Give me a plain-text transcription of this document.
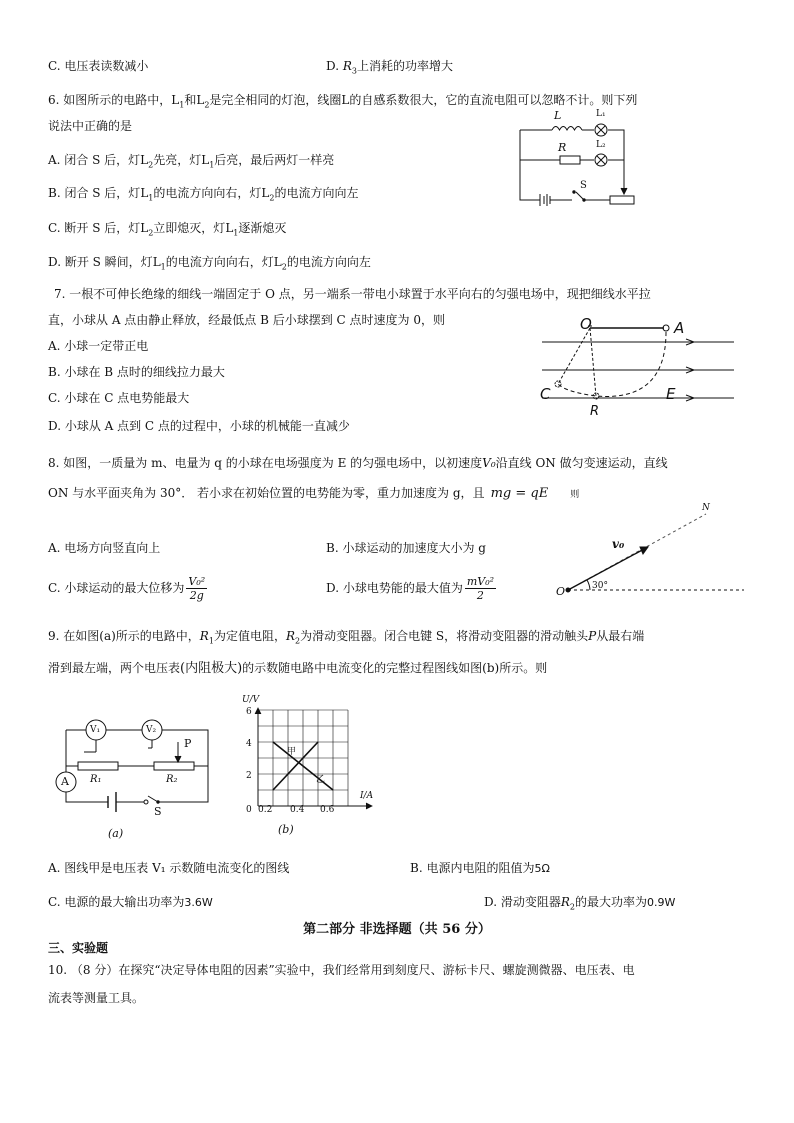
C. 电压表读数减小	D. $R_3$上消耗的功率增大
6. 如图所示的电路中，$L_1$和$L_2$是完全相同的灯泡，线圈L的自感系数很大，它的直流电阻可以忽略不计。则下列
说法中正确的是
A. 闭合 S 后，灯$L_2$先亮，灯$L_1$后亮，最后两灯一样亮
B. 闭合 S 后，灯$L_1$的电流方向向右，灯$L_2$的电流方向向左
C. 断开 S 后，灯$L_2$立即熄灭，灯$L_1$逐渐熄灭
D. 断开 S 瞬间，灯$L_1$的电流方向向右，灯$L_2$的电流方向向左
L	L₁
R	L₂
S
7. 一根不可伸长绝缘的细线一端固定于 O 点，另一端系一带电小球置于水平向右的匀强电场中，现把细线水平拉
直，小球从 A 点由静止释放，经最低点 B 后小球摆到 C 点时速度为 0，则
A. 小球一定带正电
B. 小球在 B 点时的细线拉力最大
C. 小球在 C 点电势能最大
D. 小球从 A 点到 C 点的过程中，小球的机械能一直减少
O	A
C	E
R
8. 如图，一质量为 m、电量为 q 的小球在电场强度为 E 的匀强电场中，以初速度V₀沿直线 ON 做匀变速运动，直线
ON 与水平面夹角为 30°． 若小求在初始位置的电势能为零，重力加速度为 g，且 mg = qE 则
A. 电场方向竖直向上	B. 小球运动的加速度大小为 g
C. 小球运动的最大位移为 $\frac{\text{V₀²}}{2g}$	D. 小球电势能的最大值为 $\frac{\text{mV₀²}}{2}$
N
v₀
O	30°
9. 在如图(a)所示的电路中，$R_1$为定值电阻，$R_2$为滑动变阻器。闭合电键 S，将滑动变阻器的滑动触头P从最右端
滑到最左端，两个电压表(内阻极大)的示数随电路中电流变化的完整过程图线如图(b)所示。则
V₁	V₂
P
A R₁	R₂
S
(a)
U/V
I/A
6
4
2
0 0.2 0.4 0.6
甲
乙
(b)
A. 图线甲是电压表 V₁ 示数随电流变化的图线	B. 电源内电阻的阻值为5Ω
C. 电源的最大输出功率为3.6W	D. 滑动变阻器$R_2$的最大功率为0.9W
第二部分 非选择题（共 56 分）
三、实验题
10. （8 分）在探究“决定导体电阻的因素”实验中，我们经常用到刻度尺、游标卡尺、螺旋测微器、电压表、电
流表等测量工具。
